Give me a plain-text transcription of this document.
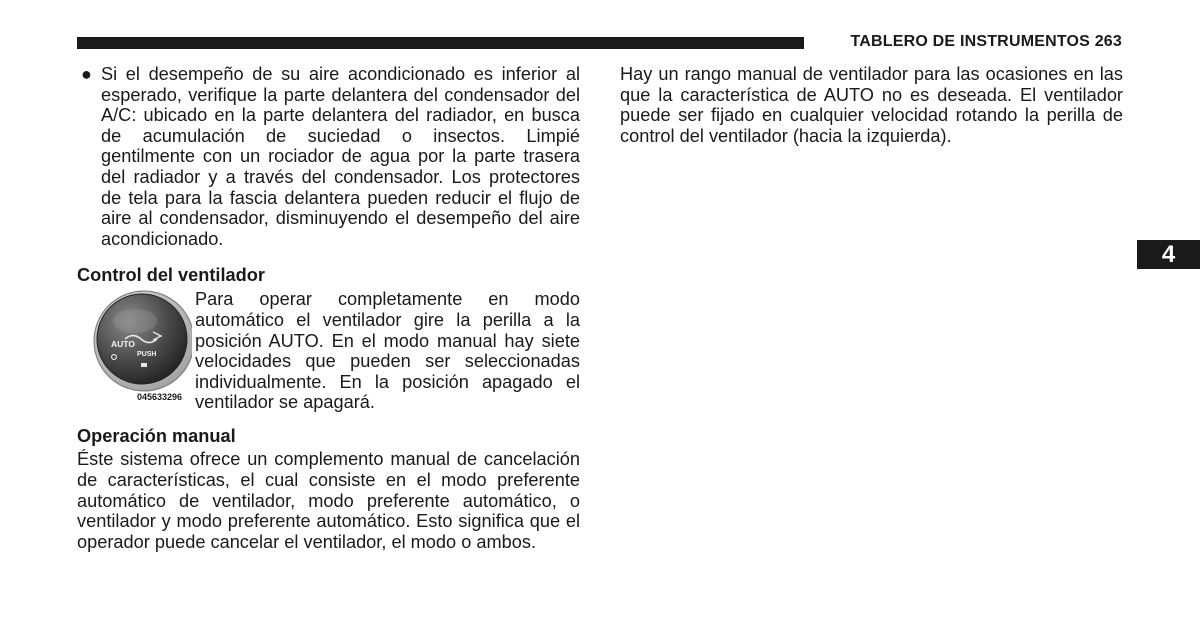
TABLERO DE INSTRUMENTOS 263
● Si el desempeño de su aire acondicionado es inferior al esperado, verifique la parte delantera del condensador del A/C: ubicado en la parte delantera del radiador, en busca de acumulación de suciedad o insectos. Limpié gentilmente con un rociador de agua por la parte trasera del radiador y a través del condensador. Los protectores de tela para la fascia delantera pueden reducir el flujo de aire al condensador, disminuyendo el desempeño del aire acondicionado.

Control del ventilador
AUTO
PUSH
045633296

Para operar completamente en modo automático el ventilador gire la perilla a la posición AUTO. En el modo manual hay siete velocidades que pueden ser seleccionadas individualmente. En la posición apagado el ventilador se apagará.

Operación manual

Éste sistema ofrece un complemento manual de cancelación de características, el cual consiste en el modo preferente automático de ventilador, modo preferente automático, o ventilador y modo preferente automático. Esto significa que el operador puede cancelar el ventilador, el modo o ambos.

Hay un rango manual de ventilador para las ocasiones en las que la característica de AUTO no es deseada. El ventilador puede ser fijado en cualquier velocidad rotando la perilla de control del ventilador (hacia la izquierda).

4
